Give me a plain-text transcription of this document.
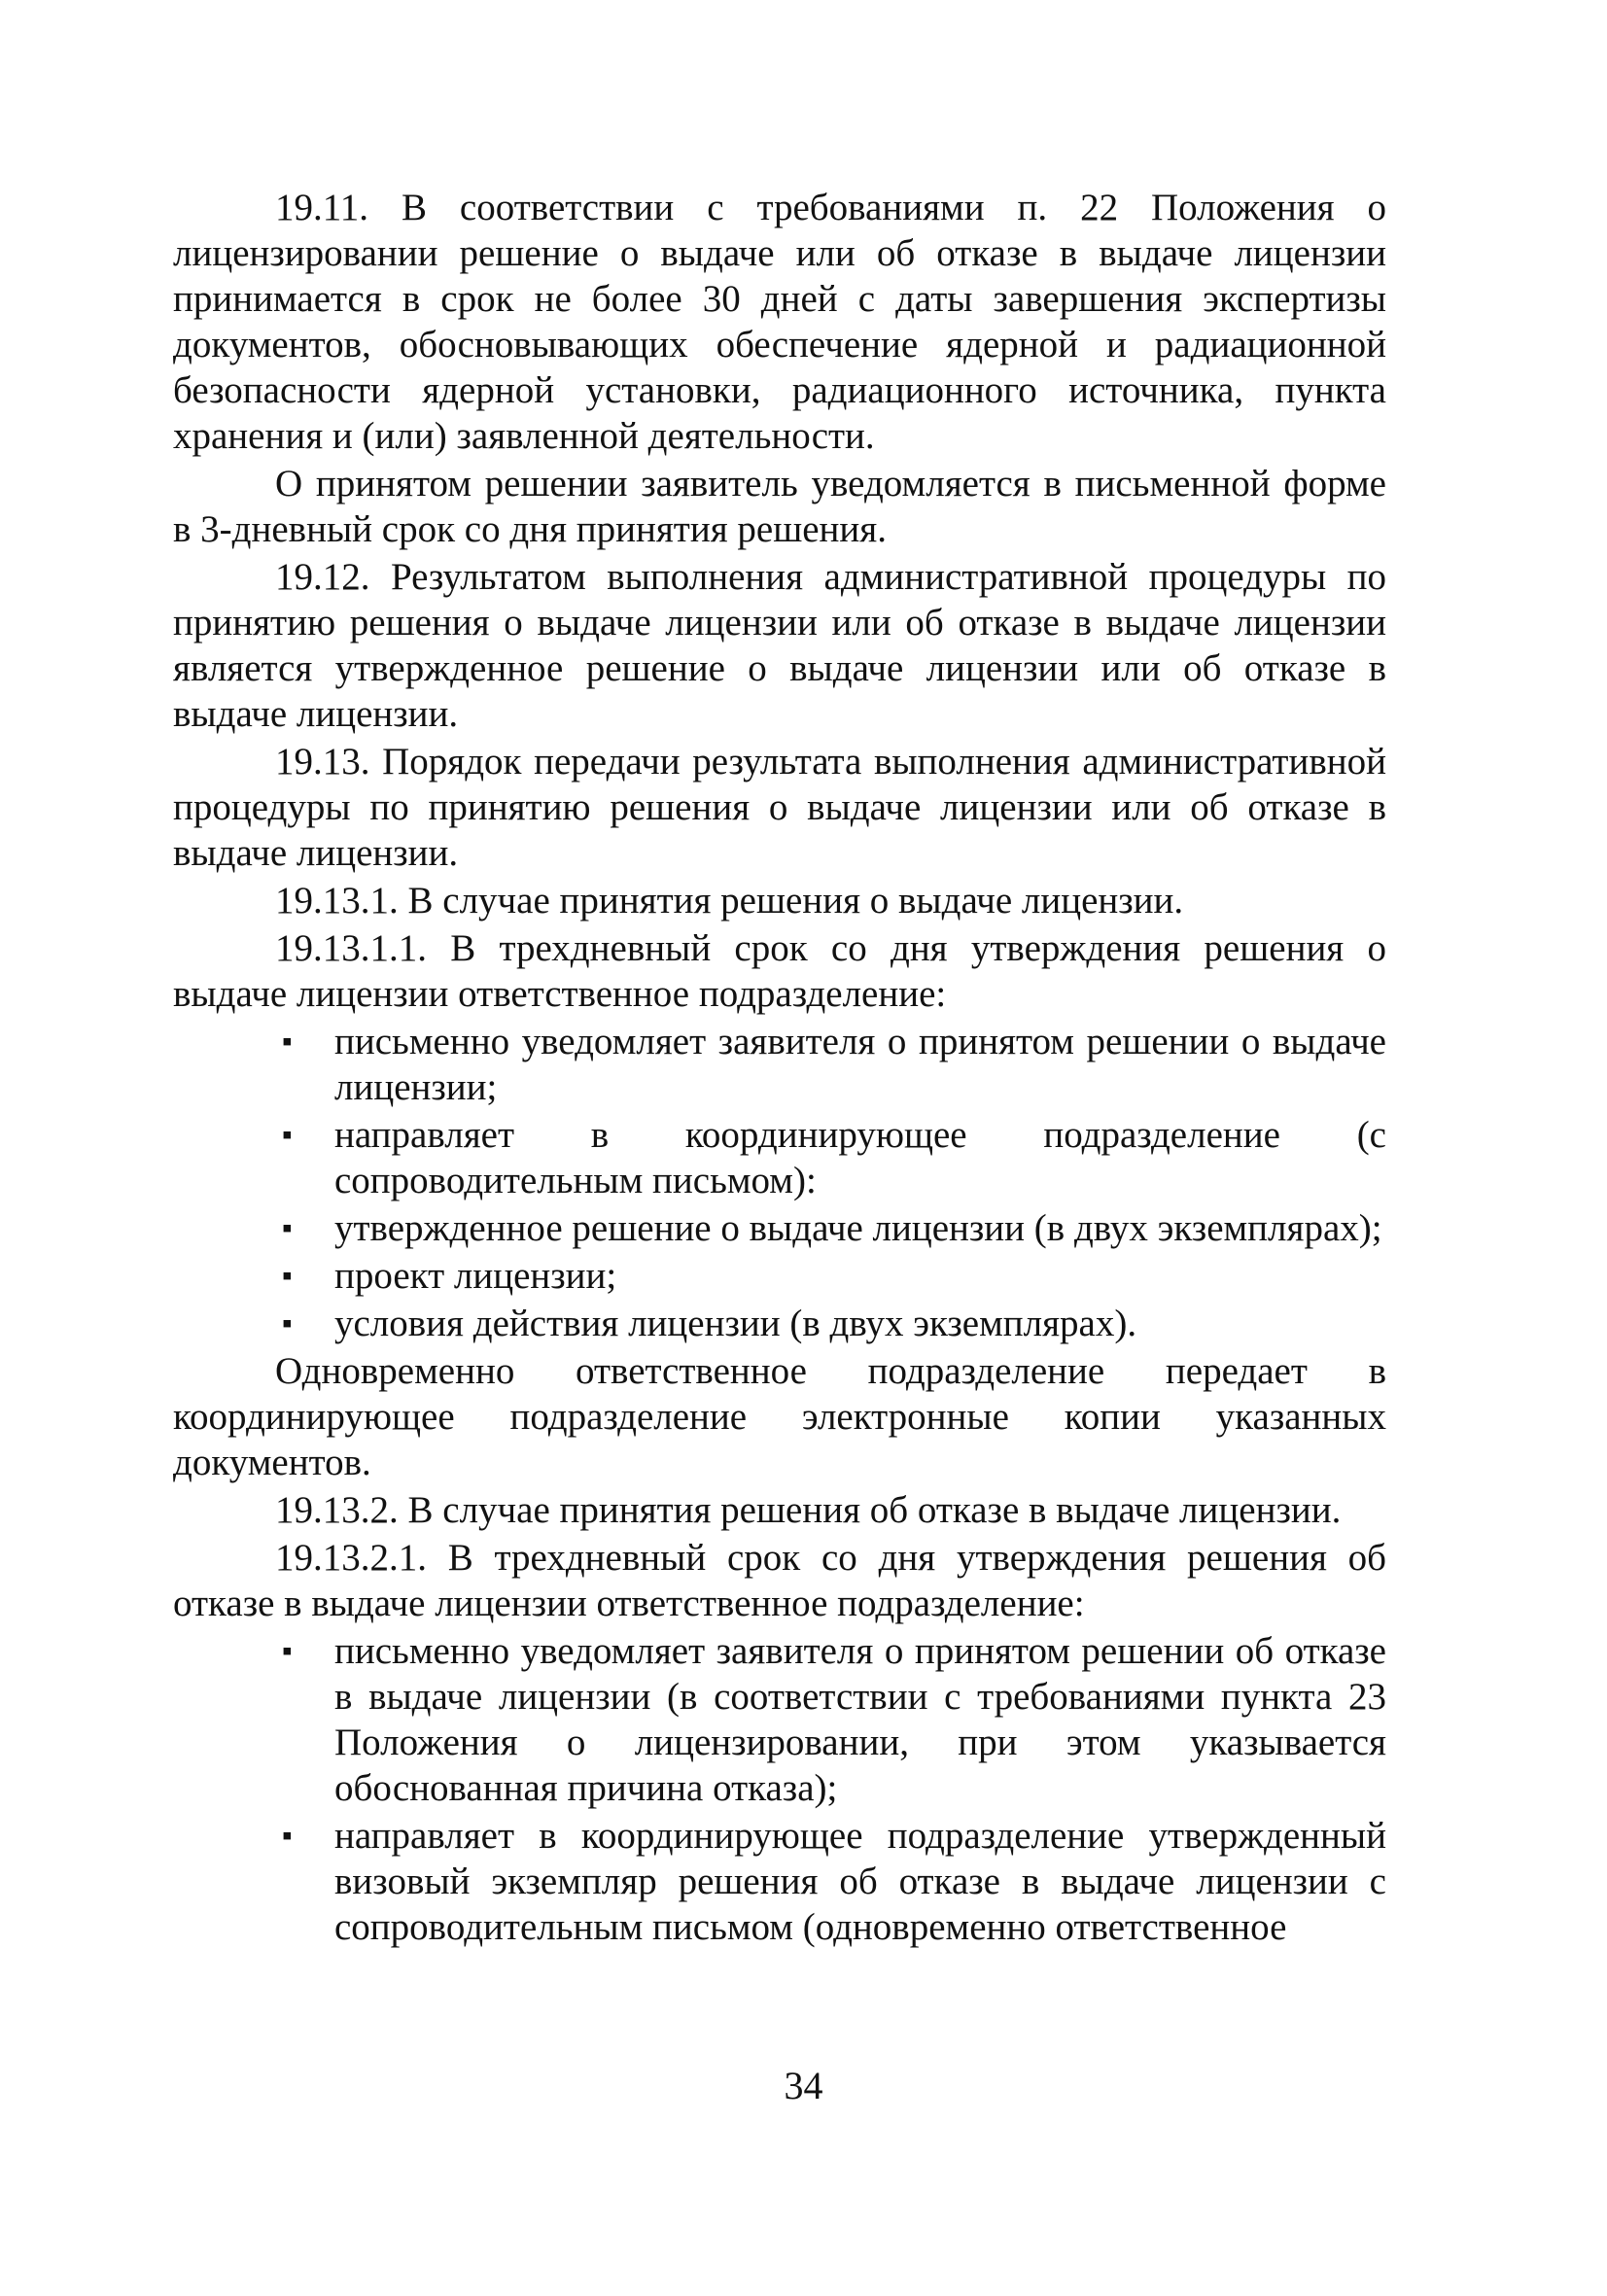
19.11. В соответствии с требованиями п. 22 Положения о лицензировании решение о выдаче или об отказе в выдаче лицензии принимается в срок не более 30 дней с даты завершения экспертизы документов, обосновывающих обеспечение ядерной и радиационной безопасности ядерной установки, радиационного источника, пункта хранения и (или) заявленной деятельности.

О принятом решении заявитель уведомляется в письменной форме в 3-дневный срок со дня принятия решения.

19.12. Результатом выполнения административной процедуры по принятию решения о выдаче лицензии или об отказе в выдаче лицензии является утвержденное решение о выдаче лицензии или об отказе в выдаче лицензии.

19.13. Порядок передачи результата выполнения административной процедуры по принятию решения о выдаче лицензии или об отказе в выдаче лицензии.

19.13.1. В случае принятия решения о выдаче лицензии.

19.13.1.1. В трехдневный срок со дня утверждения решения о выдаче лицензии ответственное подразделение:

▪ письменно уведомляет заявителя о принятом решении о выдаче лицензии;
▪ направляет в координирующее подразделение (с сопроводительным письмом):
▪ утвержденное решение о выдаче лицензии (в двух экземплярах);
▪ проект лицензии;
▪ условия действия лицензии (в двух экземплярах).

Одновременно ответственное подразделение передает в координирующее подразделение электронные копии указанных документов.

19.13.2. В случае принятия решения об отказе в выдаче лицензии.

19.13.2.1. В трехдневный срок со дня утверждения решения об отказе в выдаче лицензии ответственное подразделение:

▪ письменно уведомляет заявителя о принятом решении об отказе в выдаче лицензии (в соответствии с требованиями пункта 23 Положения о лицензировании, при этом указывается обоснованная причина отказа);
▪ направляет в координирующее подразделение утвержденный визовый экземпляр решения об отказе в выдаче лицензии с сопроводительным письмом (одновременно ответственное
34
